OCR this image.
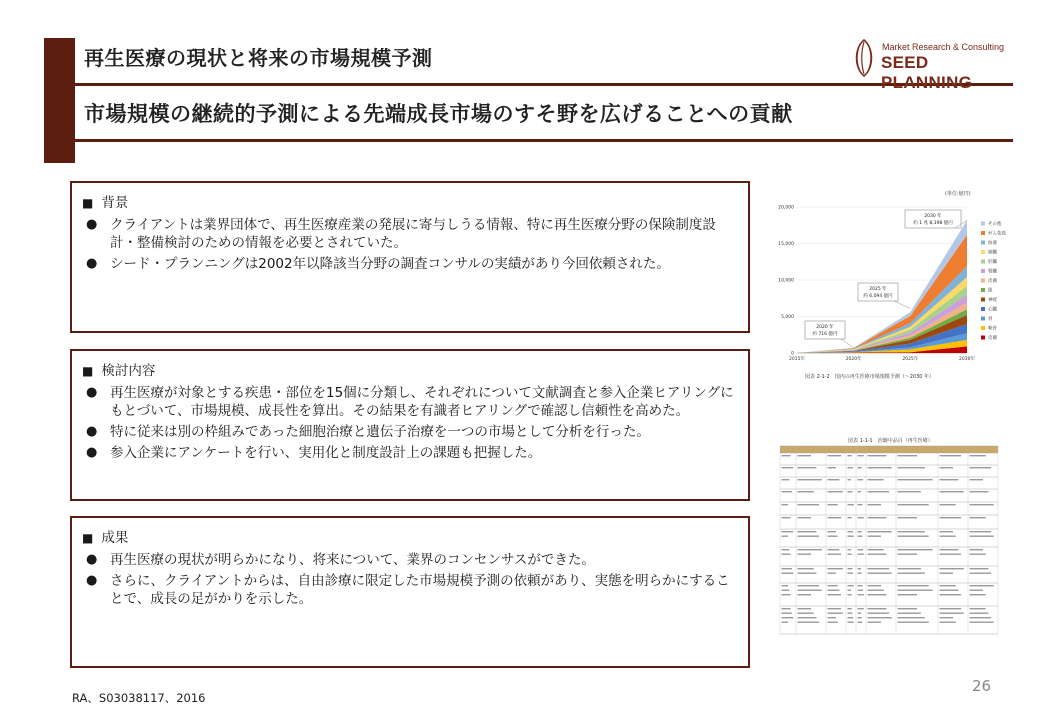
再生医療の現状と将来の市場規模予測
市場規模の継続的予測による先端成長市場のすそ野を広げることへの貢献
Market Research & Consulting
SEED PLANNING
■ 背景
● クライアントは業界団体で、再生医療産業の発展に寄与しうる情報、特に再生医療分野の保険制度設計・整備検討のための情報を必要とされていた。
● シード・プランニングは2002年以降該当分野の調査コンサルの実績があり今回依頼された。
■ 検討内容
● 再生医療が対象とする疾患・部位を15個に分類し、それぞれについて文献調査と参入企業ヒアリングにもとづいて、市場規模、成長性を算出。その結果を有識者ヒアリングで確認し信頼性を高めた。
● 特に従来は別の枠組みであった細胞治療と遺伝子治療を一つの市場として分析を行った。
● 参入企業にアンケートを行い、実用化と制度設計上の課題も把握した。
■ 成果
● 再生医療の現状が明らかになり、将来について、業界のコンセンサスができた。
● さらに、クライアントからは、自由診療に限定した市場規模予測の依頼があり、実態を明らかにすることで、成長の足がかりを示した。
(単位:億円)
0
5,000
10,000
15,000
20,000
2015年	2020年	2025年	2030年
2020 年
約 716 億円
2025 年
約 6,094 億円
2030 年
約 1 兆 8,198 億円	その他
がん免疫
血液
肺臓
肝臓
腎臓
皮膚
眼
神経
心臓
骨
軟骨
皮膚
図表 2-1-2　国内の再生医療市場規模予測（～2030 年）
図表 1-1-1　治験中品目（再生医療）
RA、S03038117、2016
26
